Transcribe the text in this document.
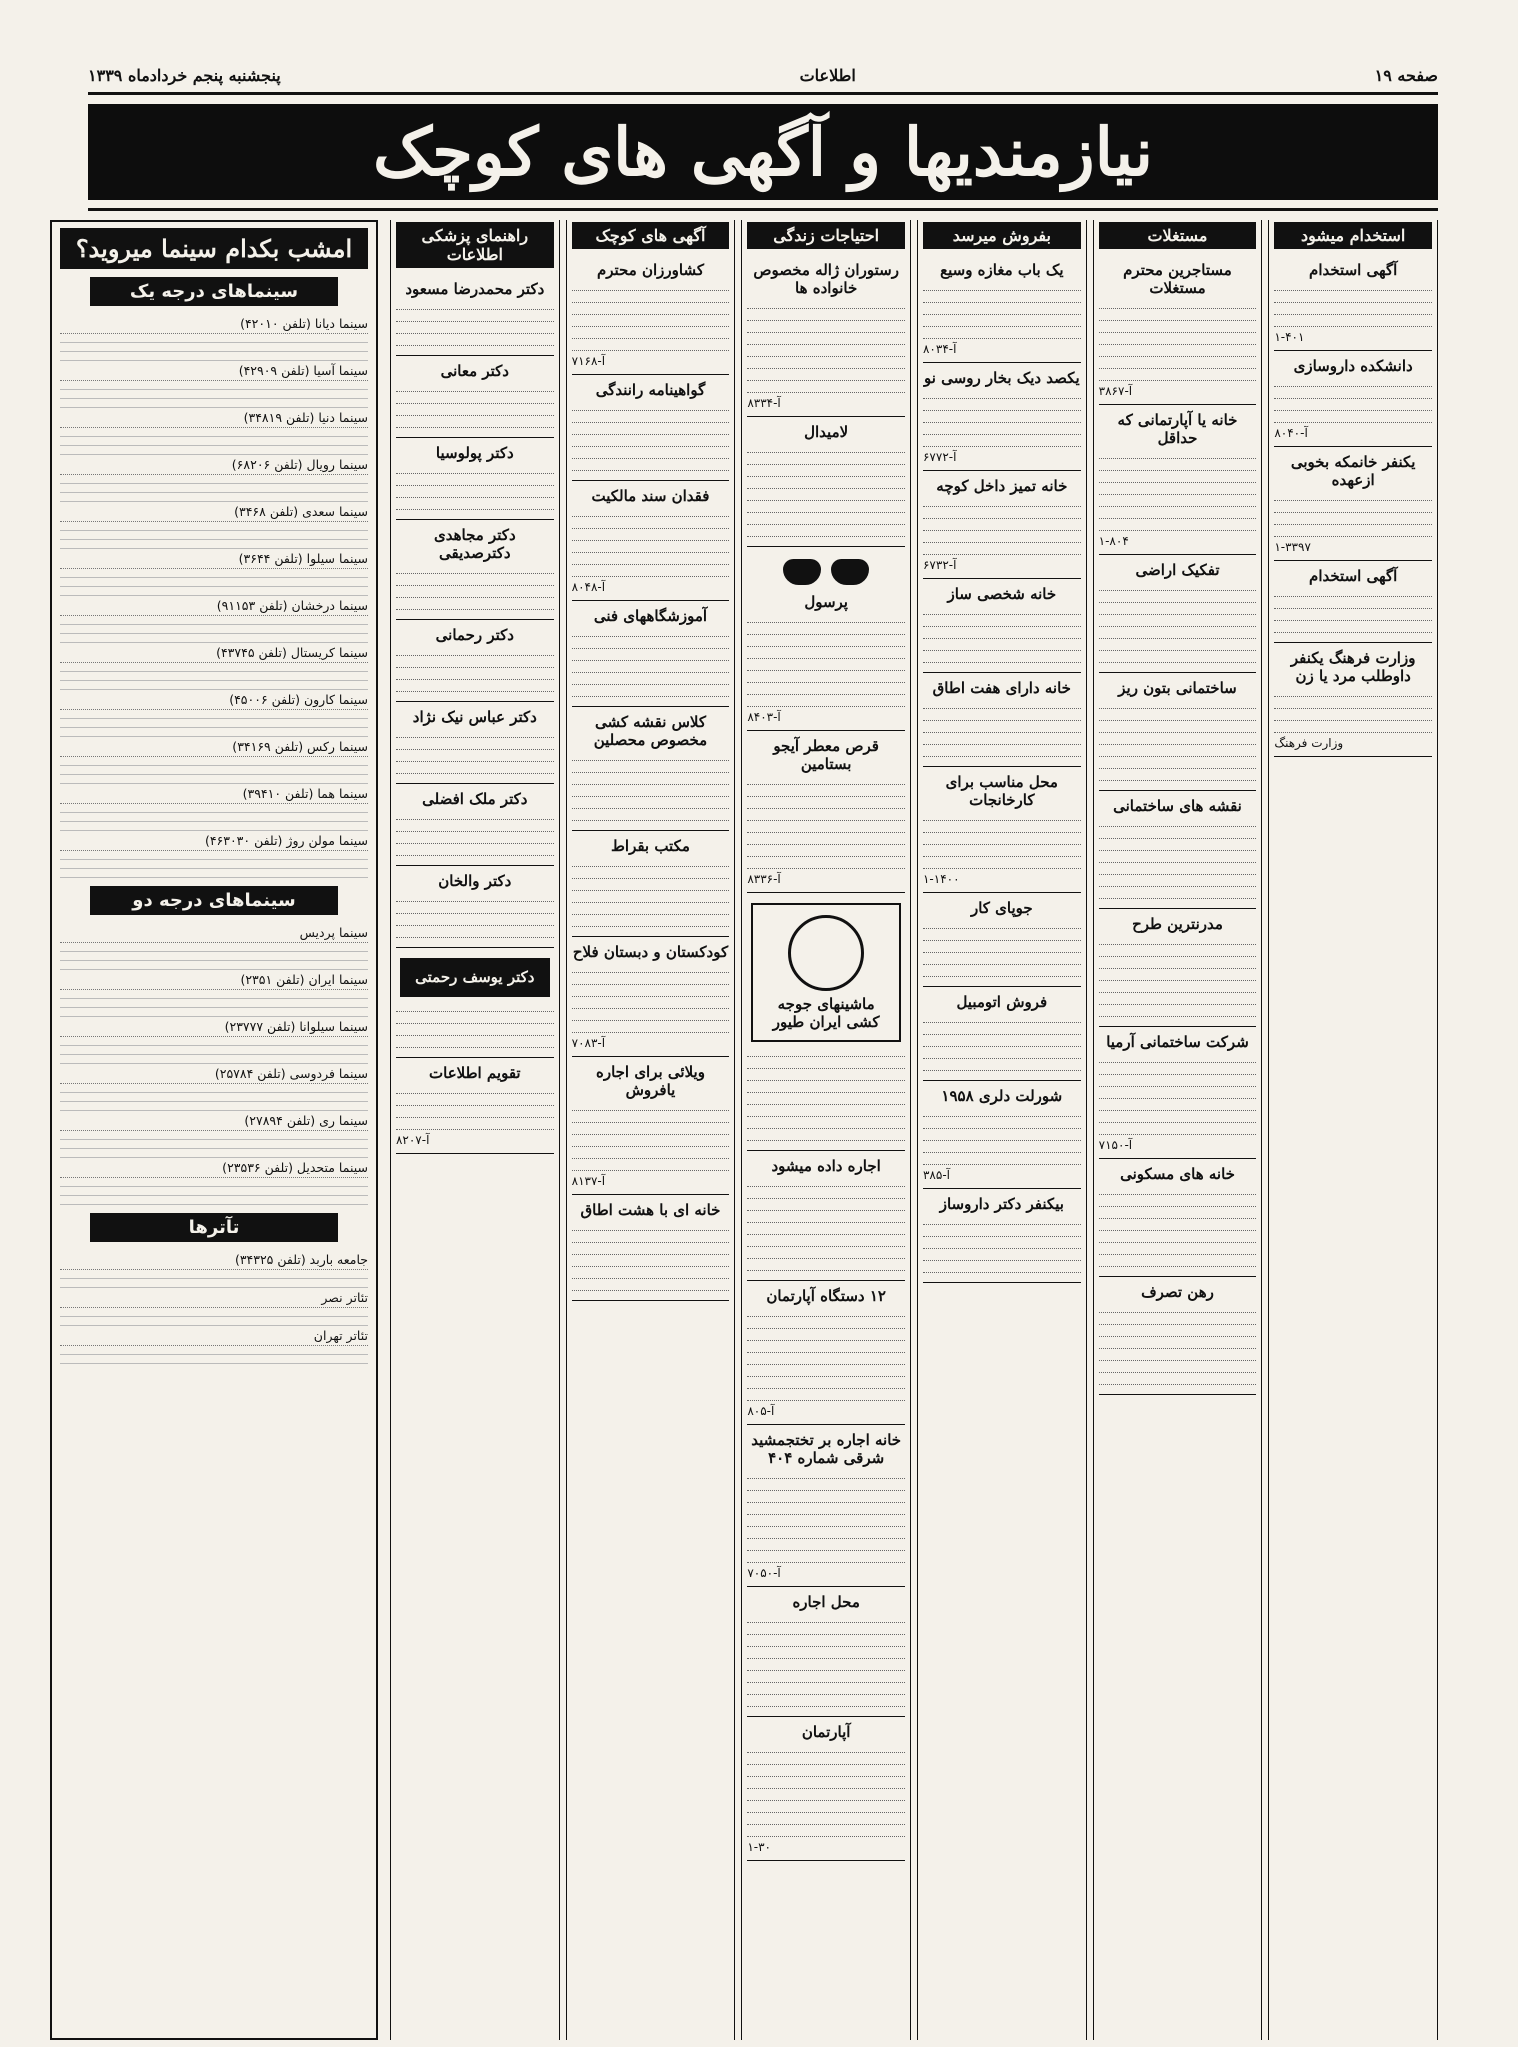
صفحه ۱۹
اطلاعات
پنجشنبه پنجم خردادماه ۱۳۳۹
نیازمندیها و آگهی های کوچک
امشب بکدام سینما میروید؟
سینماهای درجه یک

سینما دیانا (تلفن ۴۲۰۱۰)

سینما آسیا (تلفن ۴۲۹۰۹)

سینما دنیا (تلفن ۳۴۸۱۹)

سینما رویال (تلفن ۶۸۲۰۶)

سینما سعدی (تلفن ۳۴۶۸)

سینما سیلوا (تلفن ۳۶۴۴)

سینما درخشان (تلفن ۹۱۱۵۳)

سینما کریستال (تلفن ۴۳۷۴۵)

سینما کارون (تلفن ۴۵۰۰۶)

سینما رکس (تلفن ۳۴۱۶۹)

سینما هما (تلفن ۳۹۴۱۰)

سینما مولن روژ (تلفن ۴۶۳۰۳۰)

سینماهای درجه دو

سینما پردیس

سینما ایران (تلفن ۲۳۵۱)

سینما سیلوانا (تلفن ۲۳۷۷۷)

سینما فردوسی (تلفن ۲۵۷۸۴)

سینما ری (تلفن ۲۷۸۹۴)

سینما متحدیل (تلفن ۲۳۵۳۶)

تآترها

جامعه باربد (تلفن ۳۴۳۲۵)

تئاتر نصر

تئاتر تهران

استخدام میشود
آگهی استخدام
۱-۴۰۱
دانشکده داروسازی
آ-۸۰۴۰
یکنفر خانمکه بخوبی ازعهده
۱-۳۳۹۷
آگهی استخدام
وزارت فرهنگ یکنفر داوطلب مرد یا زن
وزارت فرهنگ
مستغلات
مستاجرین محترم مستغلات
آ-۳۸۶۷
خانه یا آپارتمانی که حداقل
۱-۸۰۴
تفکیک اراضی
ساختمانی بتون ریز
نقشه های ساختمانی
مدرنترین طرح
شرکت ساختمانی آرمیا
آ-۷۱۵۰
خانه های مسکونی
رهن تصرف
بفروش میرسد
یک باب مغازه وسیع
آ-۸۰۳۴
یکصد دیک بخار روسی نو
آ-۶۷۷۲
خانه تمیز داخل کوچه
آ-۶۷۳۲
خانه شخصی ساز
خانه دارای هفت اطاق
محل مناسب برای کارخانجات
۱-۱۴۰۰
جوپای کار
فروش اتومبیل
شورلت دلری ۱۹۵۸
آ-۳۸۵
بیکنفر دکتر داروساز
احتیاجات زندگی
رستوران ژاله مخصوص خانواده ها
آ-۸۳۳۴
لامیدال
پرسول
آ-۸۴۰۳
قرص معطر آیجو بستامین
آ-۸۳۳۶
ماشینهای جوجه کشی ایران طیور
اجاره داده میشود
۱۲ دستگاه آپارتمان
آ-۸۰۵
خانه اجاره بر تختجمشید شرقی شماره ۴۰۴
آ-۷۰۵۰
محل اجاره
آپارتمان
۱-۳۰
آگهی های کوچک
کشاورزان محترم
آ-۷۱۶۸
گواهینامه رانندگی
فقدان سند مالکیت
آ-۸۰۴۸
آموزشگاههای فنی
کلاس نقشه کشی مخصوص محصلین
مکتب بقراط
کودکستان و دبستان فلاح
آ-۷۰۸۳
ویلائی برای اجاره یافروش
آ-۸۱۳۷
خانه ای با هشت اطاق
راهنمای پزشکی اطلاعات
دکتر محمدرضا مسعود
دکتر معانی
دکتر پولوسیا
دکتر مجاهدی دکترصدیقی
دکتر رحمانی
دکتر عباس نیک نژاد
دکتر ملک افضلی
دکتر والخان
دکتر یوسف رحمتی
تقویم اطلاعات
آ-۸۲۰۷
